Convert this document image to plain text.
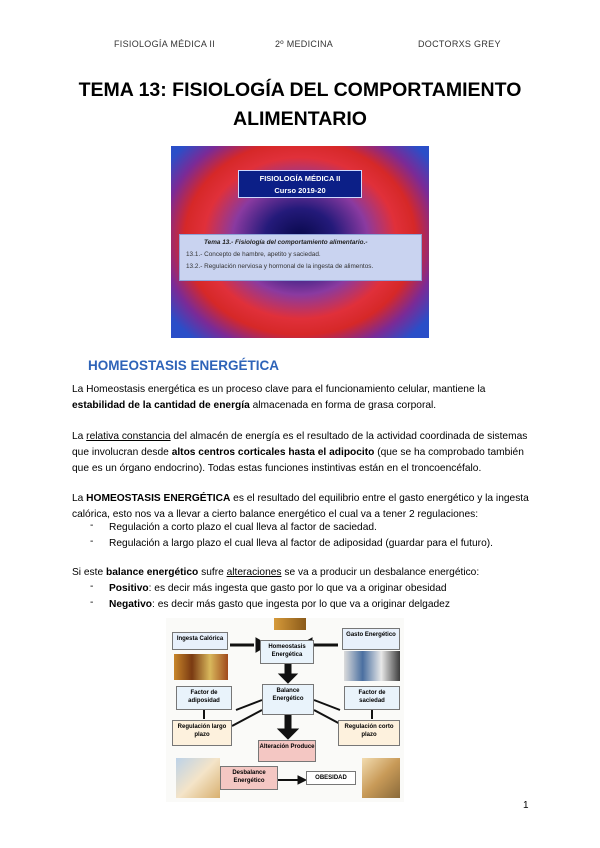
FISIOLOGÍA MÉDICA II	2º MEDICINA	DOCTORXS GREY
TEMA 13: FISIOLOGÍA DEL COMPORTAMIENTO
ALIMENTARIO
FISIOLOGÍA MÉDICA II
Curso 2019-20
Tema 13.- Fisiología del comportamiento alimentario.-
13.1.- Concepto de hambre, apetito y saciedad.
13.2.- Regulación nerviosa y hormonal de la ingesta de alimentos.
HOMEOSTASIS ENERGÉTICA
La Homeostasis energética es un proceso clave para el funcionamiento celular, mantiene la
estabilidad de la cantidad de energía almacenada en forma de grasa corporal.
La relativa constancia del almacén de energía es el resultado de la actividad coordinada de sistemas
que involucran desde altos centros corticales hasta el adipocito (que se ha comprobado también
que es un órgano endocrino). Todas estas funciones instintivas están en el troncoencéfalo.
La HOMEOSTASIS ENERGÉTICA es el resultado del equilibrio entre el gasto energético y la ingesta
calórica, esto nos va a llevar a cierto balance energético el cual va a tener 2 regulaciones:
- Regulación a corto plazo el cual lleva al factor de saciedad.
- Regulación a largo plazo el cual lleva al factor de adiposidad (guardar para el futuro).
Si este balance energético sufre alteraciones se va a producir un desbalance energético:
- Positivo: es decir más ingesta que gasto por lo que va a originar obesidad
- Negativo: es decir más gasto que ingesta por lo que va a originar delgadez
Ingesta Calórica
Gasto Energético
Homeostasis Energética
Balance Energético
Factor de adiposidad
Factor de saciedad
Regulación largo plazo
Regulación corto plazo
Alteración Produce
Desbalance Energético	OBESIDAD
1
